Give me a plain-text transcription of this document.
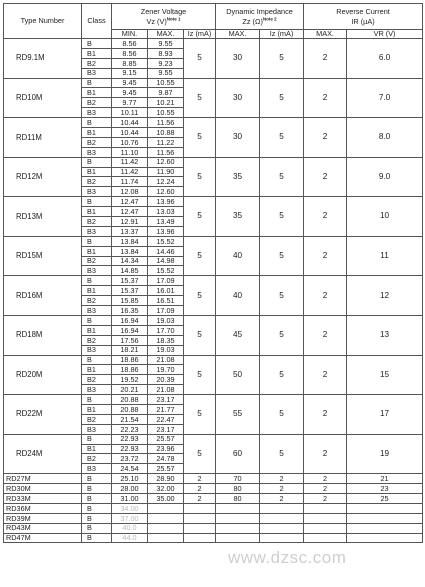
Type Number	Class	Zener Voltage
Vz $(V)^{Note 1}$			Dynamic Impedance
Zz $(\Omega)^{Note 2}$		Reverse Current
IR (µA)	
		MIN.	MAX.	Iz (mA)	MAX.	Iz (mA)	MAX.	VR (V)
RD9.1M	B	8.56	9.55	5	30	5	2	6.0
	B1	8.56	8.93					
	B2	8.85	9.23					
	B3	9.15	9.55					
RD10M	B	9.45	10.55	5	30	5	2	7.0
	B1	9.45	9.87					
	B2	9.77	10.21					
	B3	10.11	10.55					
RD11M	B	10.44	11.56	5	30	5	2	8.0
	B1	10.44	10.88					
	B2	10.76	11.22					
	B3	11.10	11.56					
RD12M	B	11.42	12.60	5	35	5	2	9.0
	B1	11.42	11.90					
	B2	11.74	12.24					
	B3	12.08	12.60					
RD13M	B	12.47	13.96	5	35	5	2	10
	B1	12.47	13.03					
	B2	12.91	13.49					
	B3	13.37	13.96					
RD15M	B	13.84	15.52	5	40	5	2	11
	B1	13.84	14.46					
	B2	14.34	14.98					
	B3	14.85	15.52					
RD16M	B	15.37	17.09	5	40	5	2	12
	B1	15.37	16.01					
	B2	15.85	16.51					
	B3	16.35	17.09					
RD18M	B	16.94	19.03	5	45	5	2	13
	B1	16.94	17.70					
	B2	17.56	18.35					
	B3	18.21	19.03					
RD20M	B	18.86	21.08	5	50	5	2	15
	B1	18.86	19.70					
	B2	19.52	20.39					
	B3	20.21	21.08					
RD22M	B	20.88	23.17	5	55	5	2	17
	B1	20.88	21.77					
	B2	21.54	22.47					
	B3	22.23	23.17					
RD24M	B	22.93	25.57	5	60	5	2	19
	B1	22.93	23.96					
	B2	23.72	24.78					
	B3	24.54	25.57					
RD27M	B	25.10	28.90	2	70	2	2	21
RD30M	B	28.00	32.00	2	80	2	2	23
RD33M	B	31.00	35.00	2	80	2	2	25
RD36M	B	34.00						
RD39M	B	37.00						
RD43M	B	40.0						
RD47M	B	44.0						
www.dzsc.com
